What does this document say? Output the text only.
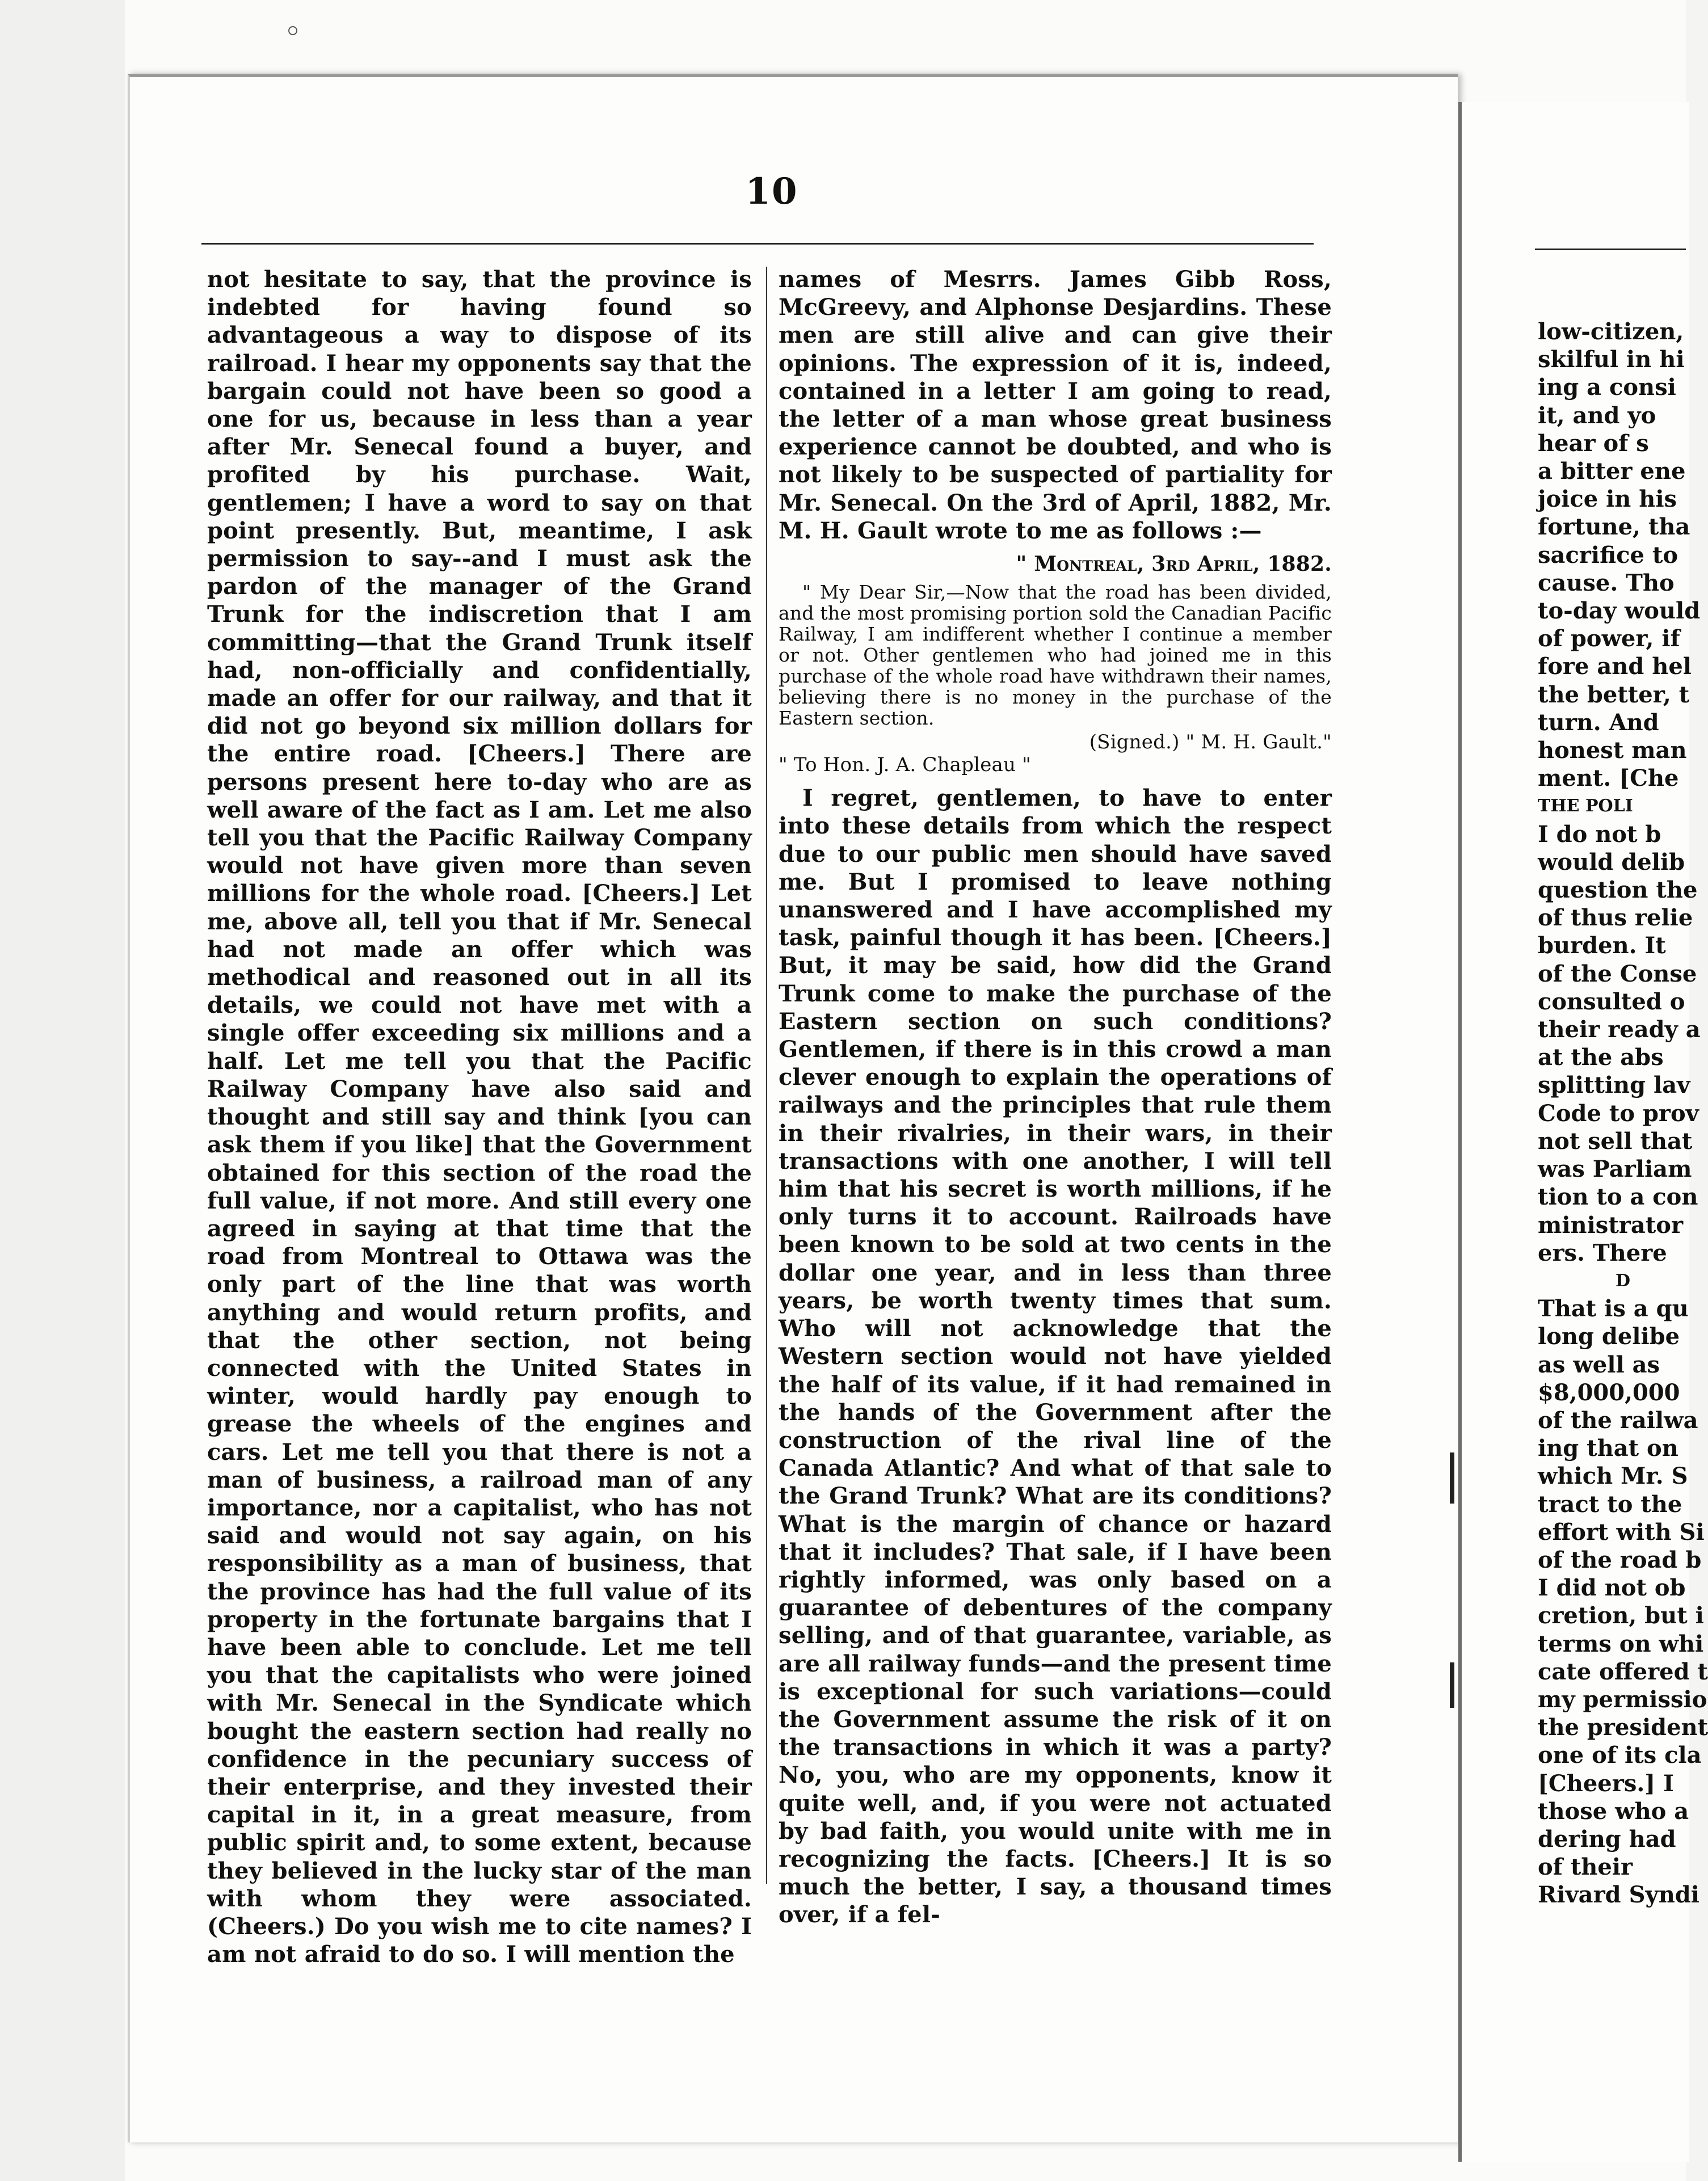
10

not hesitate to say, that the province is indebted for having found so advantageous a way to dispose of its railroad. I hear my opponents say that the bargain could not have been so good a one for us, because in less than a year after Mr. Senecal found a buyer, and profited by his purchase. Wait, gentlemen; I have a word to say on that point presently. But, meantime, I ask permission to say--and I must ask the pardon of the manager of the Grand Trunk for the indiscretion that I am committing—that the Grand Trunk itself had, non-officially and confidentially, made an offer for our railway, and that it did not go beyond six million dollars for the entire road. [Cheers.] There are persons present here to-day who are as well aware of the fact as I am. Let me also tell you that the Pacific Railway Company would not have given more than seven millions for the whole road. [Cheers.] Let me, above all, tell you that if Mr. Senecal had not made an offer which was methodical and reasoned out in all its details, we could not have met with a single offer exceeding six millions and a half. Let me tell you that the Pacific Railway Company have also said and thought and still say and think [you can ask them if you like] that the Government obtained for this section of the road the full value, if not more. And still every one agreed in saying at that time that the road from Montreal to Ottawa was the only part of the line that was worth anything and would return profits, and that the other section, not being connected with the United States in winter, would hardly pay enough to grease the wheels of the engines and cars. Let me tell you that there is not a man of business, a railroad man of any importance, nor a capitalist, who has not said and would not say again, on his responsibility as a man of business, that the province has had the full value of its property in the fortunate bargains that I have been able to conclude. Let me tell you that the capitalists who were joined with Mr. Senecal in the Syndicate which bought the eastern section had really no confidence in the pecuniary success of their enterprise, and they invested their capital in it, in a great measure, from public spirit and, to some extent, because they believed in the lucky star of the man with whom they were associated. (Cheers.) Do you wish me to cite names? I am not afraid to do so. I will mention the

names of Mesrrs. James Gibb Ross, McGreevy, and Alphonse Desjardins. These men are still alive and can give their opinions. The expression of it is, indeed, contained in a letter I am going to read, the letter of a man whose great business experience cannot be doubted, and who is not likely to be suspected of partiality for Mr. Senecal. On the 3rd of April, 1882, Mr. M. H. Gault wrote to me as follows :—

" Montreal, 3rd April, 1882.

" My Dear Sir,—Now that the road has been divided, and the most promising portion sold the Canadian Pacific Railway, I am indifferent whether I continue a member or not. Other gentlemen who had joined me in this purchase of the whole road have withdrawn their names, believing there is no money in the purchase of the Eastern section.

(Signed.) " M. H. Gault."

" To Hon. J. A. Chapleau "

I regret, gentlemen, to have to enter into these details from which the respect due to our public men should have saved me. But I promised to leave nothing unanswered and I have accomplished my task, painful though it has been. [Cheers.] But, it may be said, how did the Grand Trunk come to make the purchase of the Eastern section on such conditions? Gentlemen, if there is in this crowd a man clever enough to explain the operations of railways and the principles that rule them in their rivalries, in their wars, in their transactions with one another, I will tell him that his secret is worth millions, if he only turns it to account. Railroads have been known to be sold at two cents in the dollar one year, and in less than three years, be worth twenty times that sum. Who will not acknowledge that the Western section would not have yielded the half of its value, if it had remained in the hands of the Government after the construction of the rival line of the Canada Atlantic? And what of that sale to the Grand Trunk? What are its conditions? What is the margin of chance or hazard that it includes? That sale, if I have been rightly informed, was only based on a guarantee of debentures of the company selling, and of that guarantee, variable, as are all railway funds—and the present time is exceptional for such variations—could the Government assume the risk of it on the transactions in which it was a party? No, you, who are my opponents, know it quite well, and, if you were not actuated by bad faith, you would unite with me in recognizing the facts. [Cheers.] It is so much the better, I say, a thousand times over, if a fel-

low-citizen,
skilful in hi
ing a consi
it, and yo
hear of s
a bitter ene
joice in his
fortune, tha
sacrifice to
cause. Tho
to-day would
of power, if
fore and hel
the better, t
turn. And
honest man
ment. [Che
THE POLI
I do not b
would delib
question the
of thus relie
burden. It
of the Conse
consulted o
their ready a
at the abs
splitting lav
Code to prov
not sell that
was Parliam
tion to a con
ministrator
ers. There
D
That is a qu
long delibe
as well as
$8,000,000
of the railwa
ing that on
which Mr. S
tract to the
effort with Si
of the road b
I did not ob
cretion, but i
terms on whi
cate offered t
my permissio
the president
one of its cla
[Cheers.] I
those who a
dering had
of their
Rivard Syndi
